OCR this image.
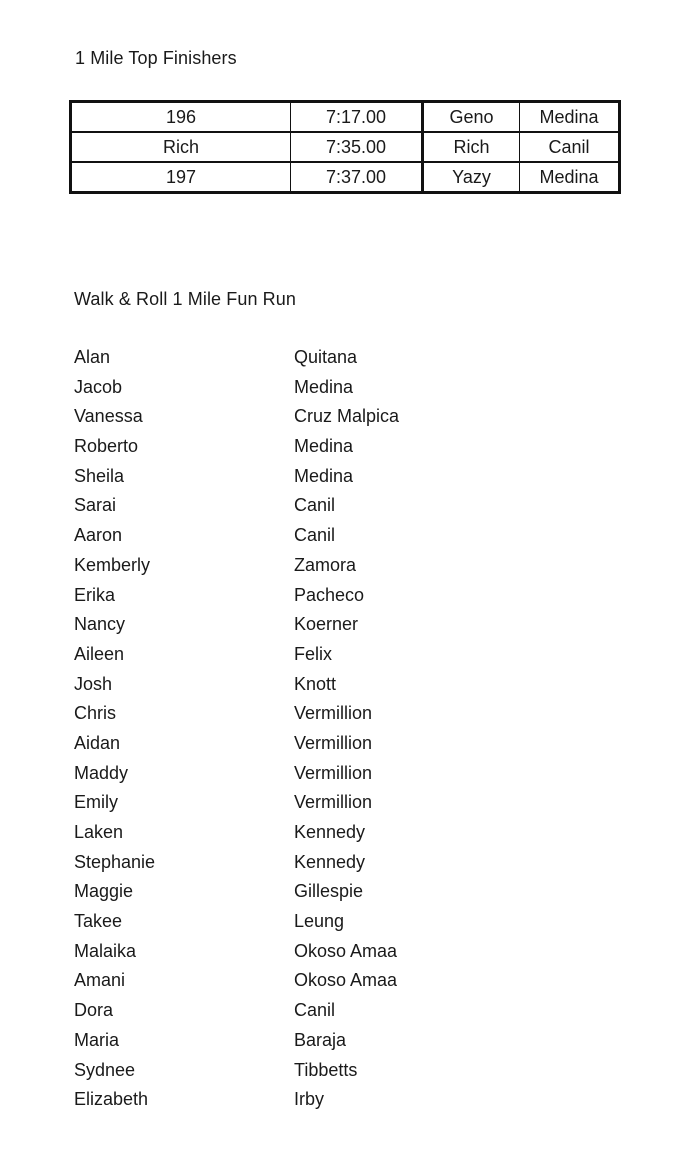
1 Mile Top Finishers
196	7:17.00	Geno	Medina
Rich	7:35.00	Rich	Canil
197	7:37.00	Yazy	Medina
Walk & Roll 1 Mile Fun Run
Alan	Quitana
Jacob	Medina
Vanessa	Cruz Malpica
Roberto	Medina
Sheila	Medina
Sarai	Canil
Aaron	Canil
Kemberly	Zamora
Erika	Pacheco
Nancy	Koerner
Aileen	Felix
Josh	Knott
Chris	Vermillion
Aidan	Vermillion
Maddy	Vermillion
Emily	Vermillion
Laken	Kennedy
Stephanie	Kennedy
Maggie	Gillespie
Takee	Leung
Malaika	Okoso Amaa
Amani	Okoso Amaa
Dora	Canil
Maria	Baraja
Sydnee	Tibbetts
Elizabeth	Irby
